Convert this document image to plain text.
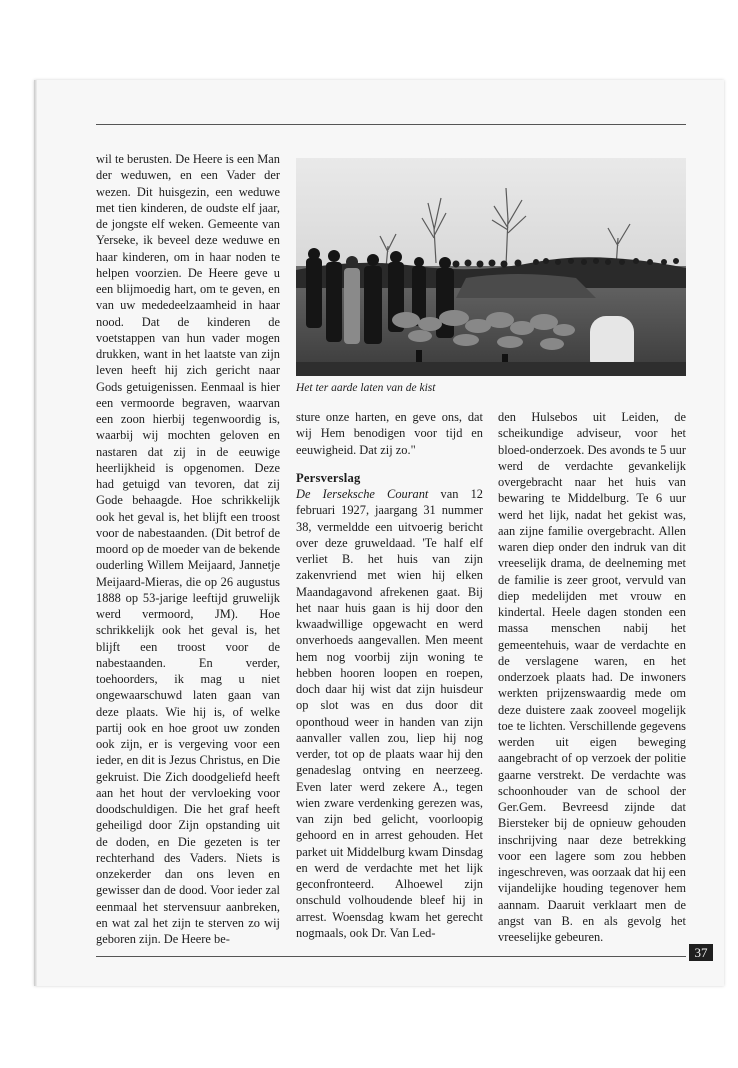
wil te berusten. De Heere is een Man der weduwen, en een Vader der wezen. Dit huisgezin, een weduwe met tien kinderen, de oudste elf jaar, de jongste elf weken. Gemeente van Yerseke, ik beveel deze weduwe en haar kinderen, om in haar noden te helpen voorzien. De Heere geve u een blijmoedig hart, om te geven, en van uw mededeelzaamheid in haar nood. Dat de kinderen de voetstappen van hun vader mogen drukken, want in het laatste van zijn leven heeft hij zich gericht naar Gods getuigenissen. Eenmaal is hier een vermoorde begraven, waarvan een zoon hierbij tegenwoordig is, waarbij wij mochten geloven en nastaren dat zij in de eeuwige heerlijkheid is opgenomen. Deze had getuigd van tevoren, dat zij Gode behaagde. Hoe schrikkelijk ook het geval is, het blijft een troost voor de nabestaanden. (Dit betrof de moord op de moeder van de bekende ouderling Willem Meijaard, Jannetje Meijaard-Mieras, die op 26 augustus 1888 op 53-jarige leeftijd gruwelijk werd vermoord, JM). Hoe schrikkelijk ook het geval is, het blijft een troost voor de nabestaanden. En verder, toehoorders, ik mag u niet ongewaarschuwd laten gaan van deze plaats. Wie hij is, of welke partij ook en hoe groot uw zonden ook zijn, er is vergeving voor een ieder, en dit is Jezus Christus, en Die gekruist. Die Zich doodgeliefd heeft aan het hout der vervloeking voor doodschuldigen. Die het graf heeft geheiligd door Zijn opstanding uit de doden, en Die gezeten is ter rechterhand des Vaders. Niets is onzekerder dan ons leven en gewisser dan de dood. Voor ieder zal eenmaal het stervensuur aanbreken, en wat zal het zijn te sterven zo wij geboren zijn. De Heere be-

Het ter aarde laten van de kist

sture onze harten, en geve ons, dat wij Hem benodigen voor tijd en eeuwigheid. Dat zij zo."

Persverslag

De Ierseksche Courant van 12 februari 1927, jaargang 31 nummer 38, vermeldde een uitvoerig bericht over deze gruweldaad. 'Te half elf verliet B. het huis van zijn zakenvriend met wien hij elken Maandagavond afrekenen gaat. Bij het naar huis gaan is hij door den kwaadwillige opgewacht en werd onverhoeds aangevallen. Men meent hem nog voorbij zijn woning te hebben hooren loopen en roepen, doch daar hij wist dat zijn huisdeur op slot was en dus door dit oponthoud weer in handen van zijn aanvaller vallen zou, liep hij nog verder, tot op de plaats waar hij den genadeslag ontving en neerzeeg. Even later werd zekere A., tegen wien zware verdenking gerezen was, van zijn bed gelicht, voorloopig gehoord en in arrest gehouden. Het parket uit Middelburg kwam Dinsdag en werd de verdachte met het lijk geconfronteerd. Alhoewel zijn onschuld volhoudende bleef hij in arrest. Woensdag kwam het gerecht nogmaals, ook Dr. Van Led-

den Hulsebos uit Leiden, de scheikundige adviseur, voor het bloed-onderzoek. Des avonds te 5 uur werd de verdachte gevankelijk overgebracht naar het huis van bewaring te Middelburg. Te 6 uur werd het lijk, nadat het gekist was, aan zijne familie overgebracht. Allen waren diep onder den indruk van dit vreeselijk drama, de deelneming met de familie is zeer groot, vervuld van diep medelijden met vrouw en kindertal. Heele dagen stonden een massa menschen nabij het gemeentehuis, waar de verdachte en de verslagene waren, en het onderzoek plaats had. De inwoners werkten prijzenswaardig mede om deze duistere zaak zooveel mogelijk toe te lichten. Verschillende gegevens werden uit eigen beweging aangebracht of op verzoek der politie gaarne verstrekt. De verdachte was schoonhouder van de school der Ger.Gem. Bevreesd zijnde dat Biersteker bij de opnieuw gehouden inschrijving naar deze betrekking voor een lagere som zou hebben ingeschreven, was oorzaak dat hij een vijandelijke houding tegenover hem aannam. Daaruit verklaart men de angst van B. en als gevolg het vreeselijke gebeuren.

37
